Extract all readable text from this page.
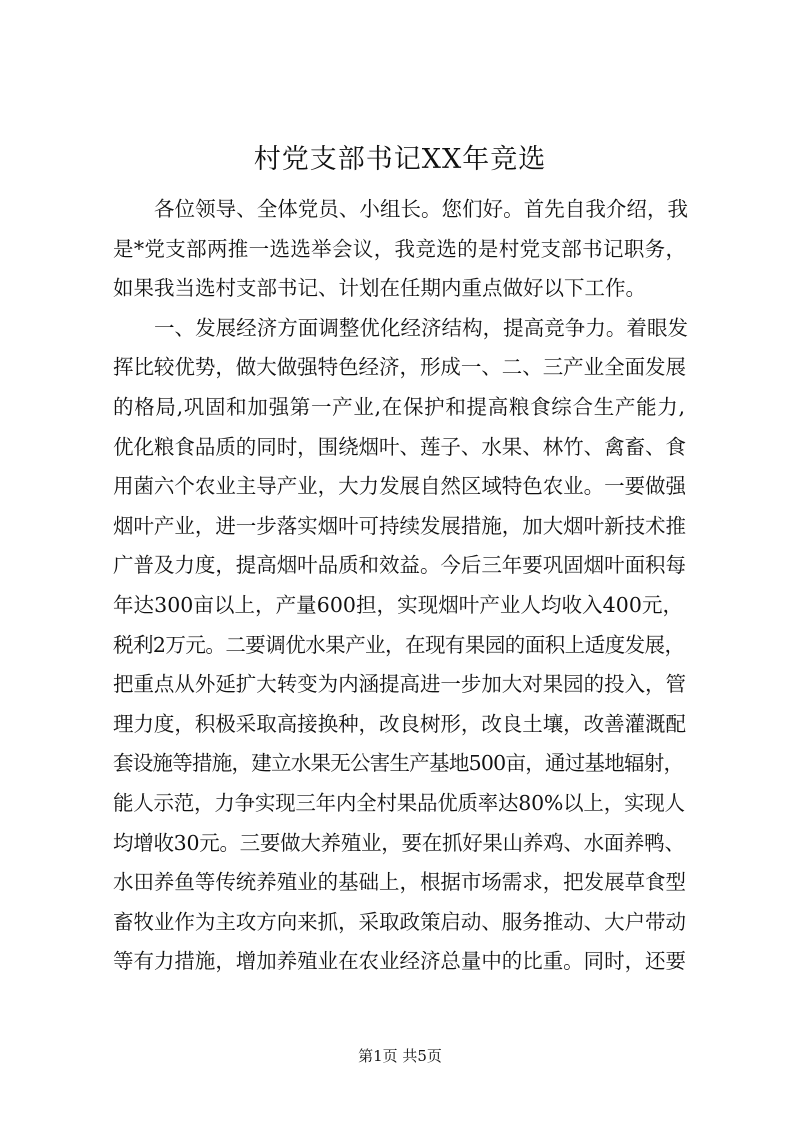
村党支部书记XX年竞选
各位领导、全体党员、小组长。您们好。首先自我介绍，我
是*党支部两推一选选举会议，我竞选的是村党支部书记职务，
如果我当选村支部书记、计划在任期内重点做好以下工作。
一、发展经济方面调整优化经济结构，提高竞争力。着眼发
挥比较优势，做大做强特色经济，形成一、二、三产业全面发展
的格局,巩固和加强第一产业,在保护和提高粮食综合生产能力,
优化粮食品质的同时，围绕烟叶、莲子、水果、林竹、禽畜、食
用菌六个农业主导产业，大力发展自然区域特色农业。一要做强
烟叶产业，进一步落实烟叶可持续发展措施，加大烟叶新技术推
广普及力度，提高烟叶品质和效益。今后三年要巩固烟叶面积每
年达300亩以上，产量600担，实现烟叶产业人均收入400元，
税利2万元。二要调优水果产业，在现有果园的面积上适度发展，
把重点从外延扩大转变为内涵提高进一步加大对果园的投入，管
理力度，积极采取高接换种，改良树形，改良土壤，改善灌溉配
套设施等措施，建立水果无公害生产基地500亩，通过基地辐射，
能人示范，力争实现三年内全村果品优质率达80%以上，实现人
均增收30元。三要做大养殖业，要在抓好果山养鸡、水面养鸭、
水田养鱼等传统养殖业的基础上，根据市场需求，把发展草食型
畜牧业作为主攻方向来抓，采取政策启动、服务推动、大户带动
等有力措施，增加养殖业在农业经济总量中的比重。同时，还要
第1页 共5页
